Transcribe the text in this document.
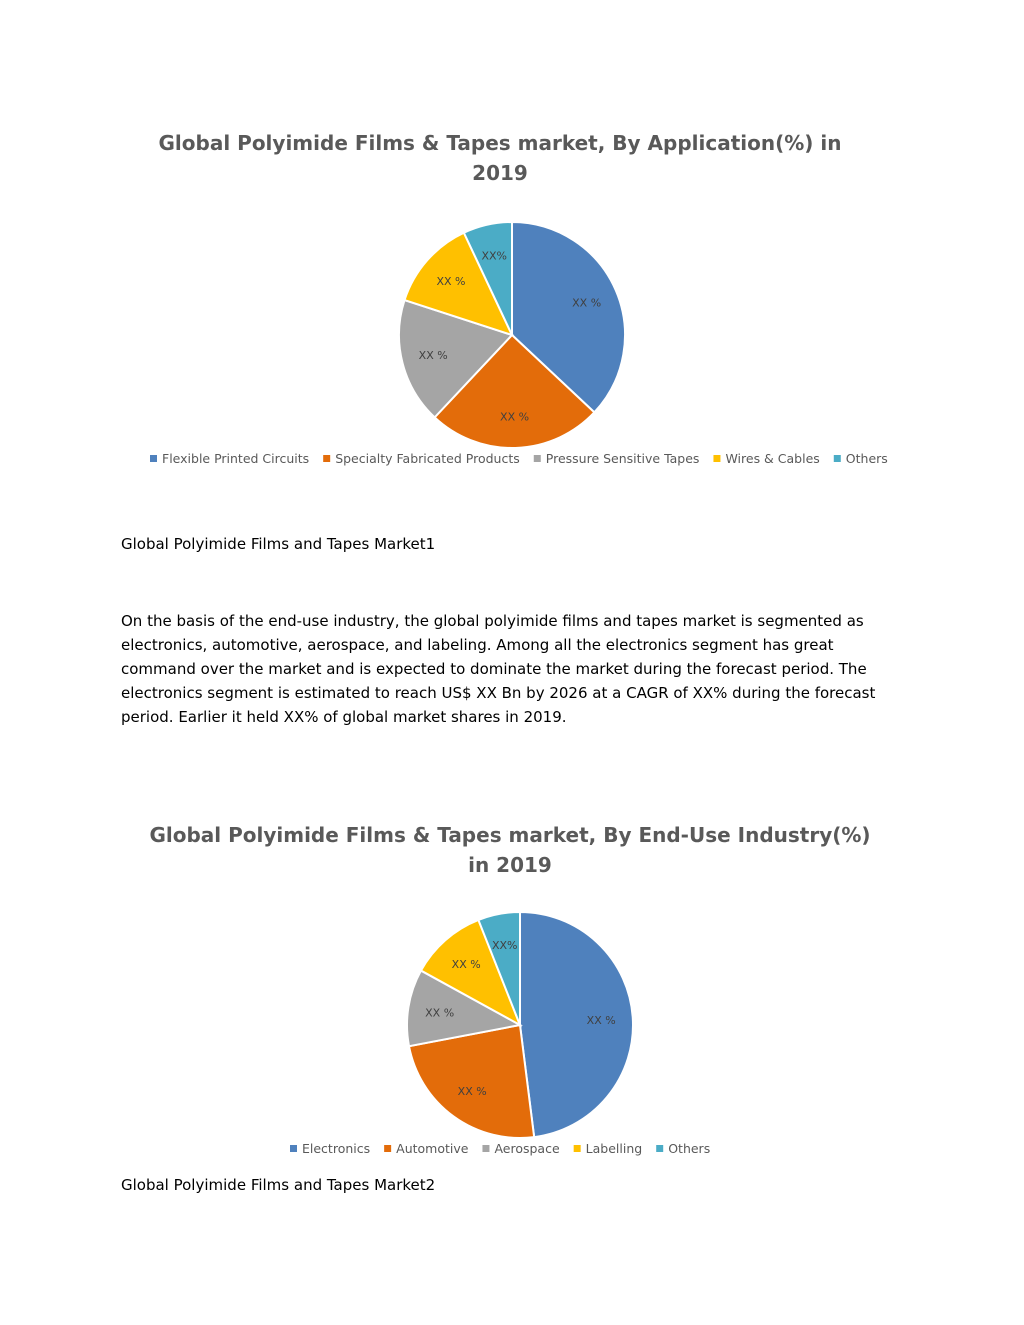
Global Polyimide Films & Tapes market, By Application(%) in
2019
XX %
XX %
XX %
XX %
XX%
Flexible Printed Circuits Specialty Fabricated Products Pressure Sensitive Tapes Wires & Cables Others

Global Polyimide Films and Tapes Market1

On the basis of the end-use industry, the global polyimide films and tapes market is segmented as electronics, automotive, aerospace, and labeling. Among all the electronics segment has great command over the market and is expected to dominate the market during the forecast period. The electronics segment is estimated to reach US$ XX Bn by 2026 at a CAGR of XX% during the forecast period. Earlier it held XX% of global market shares in 2019.

Global Polyimide Films & Tapes market, By End-Use Industry(%)
in 2019
XX %
XX %
XX %
XX %
XX%
Electronics Automotive Aerospace Labelling Others

Global Polyimide Films and Tapes Market2
